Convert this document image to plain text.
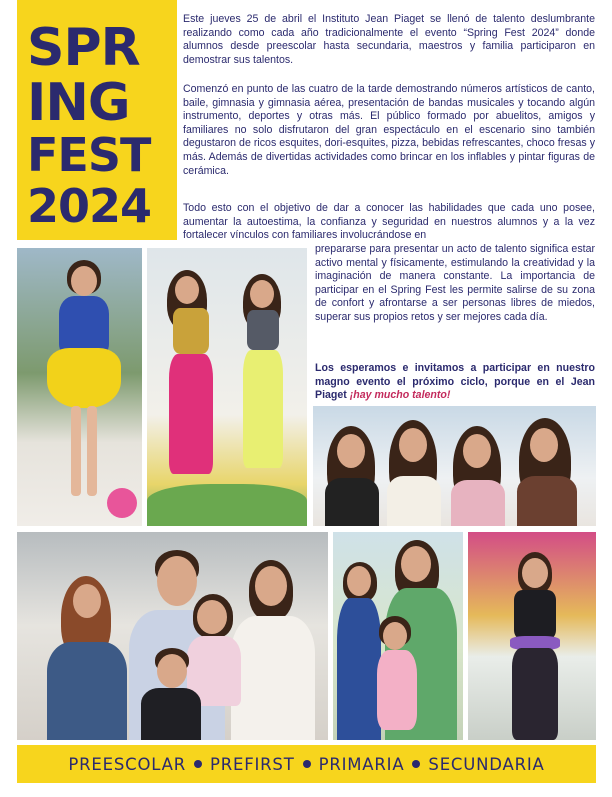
SPR
ING
FEST
2024

Este jueves 25 de abril el Instituto Jean Piaget se llenó de talento deslumbrante realizando como cada año tradicionalmente el evento “Spring Fest 2024” donde alumnos desde preescolar hasta secundaria, maestros y familia participaron en demostrar sus talentos.

Comenzó en punto de las cuatro de la tarde demostrando números artísticos de canto, baile, gimnasia y gimnasia aérea, presentación de bandas musicales y tocando algún instrumento, deportes y otras más. El público formado por abuelitos, amigos y familiares no solo disfrutaron del gran espectáculo en el escenario sino también degustaron de ricos esquites, dori-esquites, pizza, bebidas refrescantes, choco fresas y más. Además de divertidas actividades como brincar en los inflables y pintar figuras de cerámica.

Todo esto con el objetivo de dar a conocer las habilidades que cada uno posee, aumentar la autoestima, la confianza y seguridad en nuestros alumnos y a la vez fortalecer vínculos con familiares involucrándose en

prepararse para presentar un acto de talento significa estar activo mental y físicamente, estimulando la creatividad y la imaginación de manera constante. La importancia de participar en el Spring Fest les permite salirse de su zona de confort y afrontarse a ser personas libres de miedos, superar sus propios retos y ser mejores cada día.

Los esperamos e invitamos a participar en nuestro magno evento el próximo ciclo, porque en el Jean Piaget ¡hay mucho talento!

PREESCOLAR PREFIRST PRIMARIA SECUNDARIA
